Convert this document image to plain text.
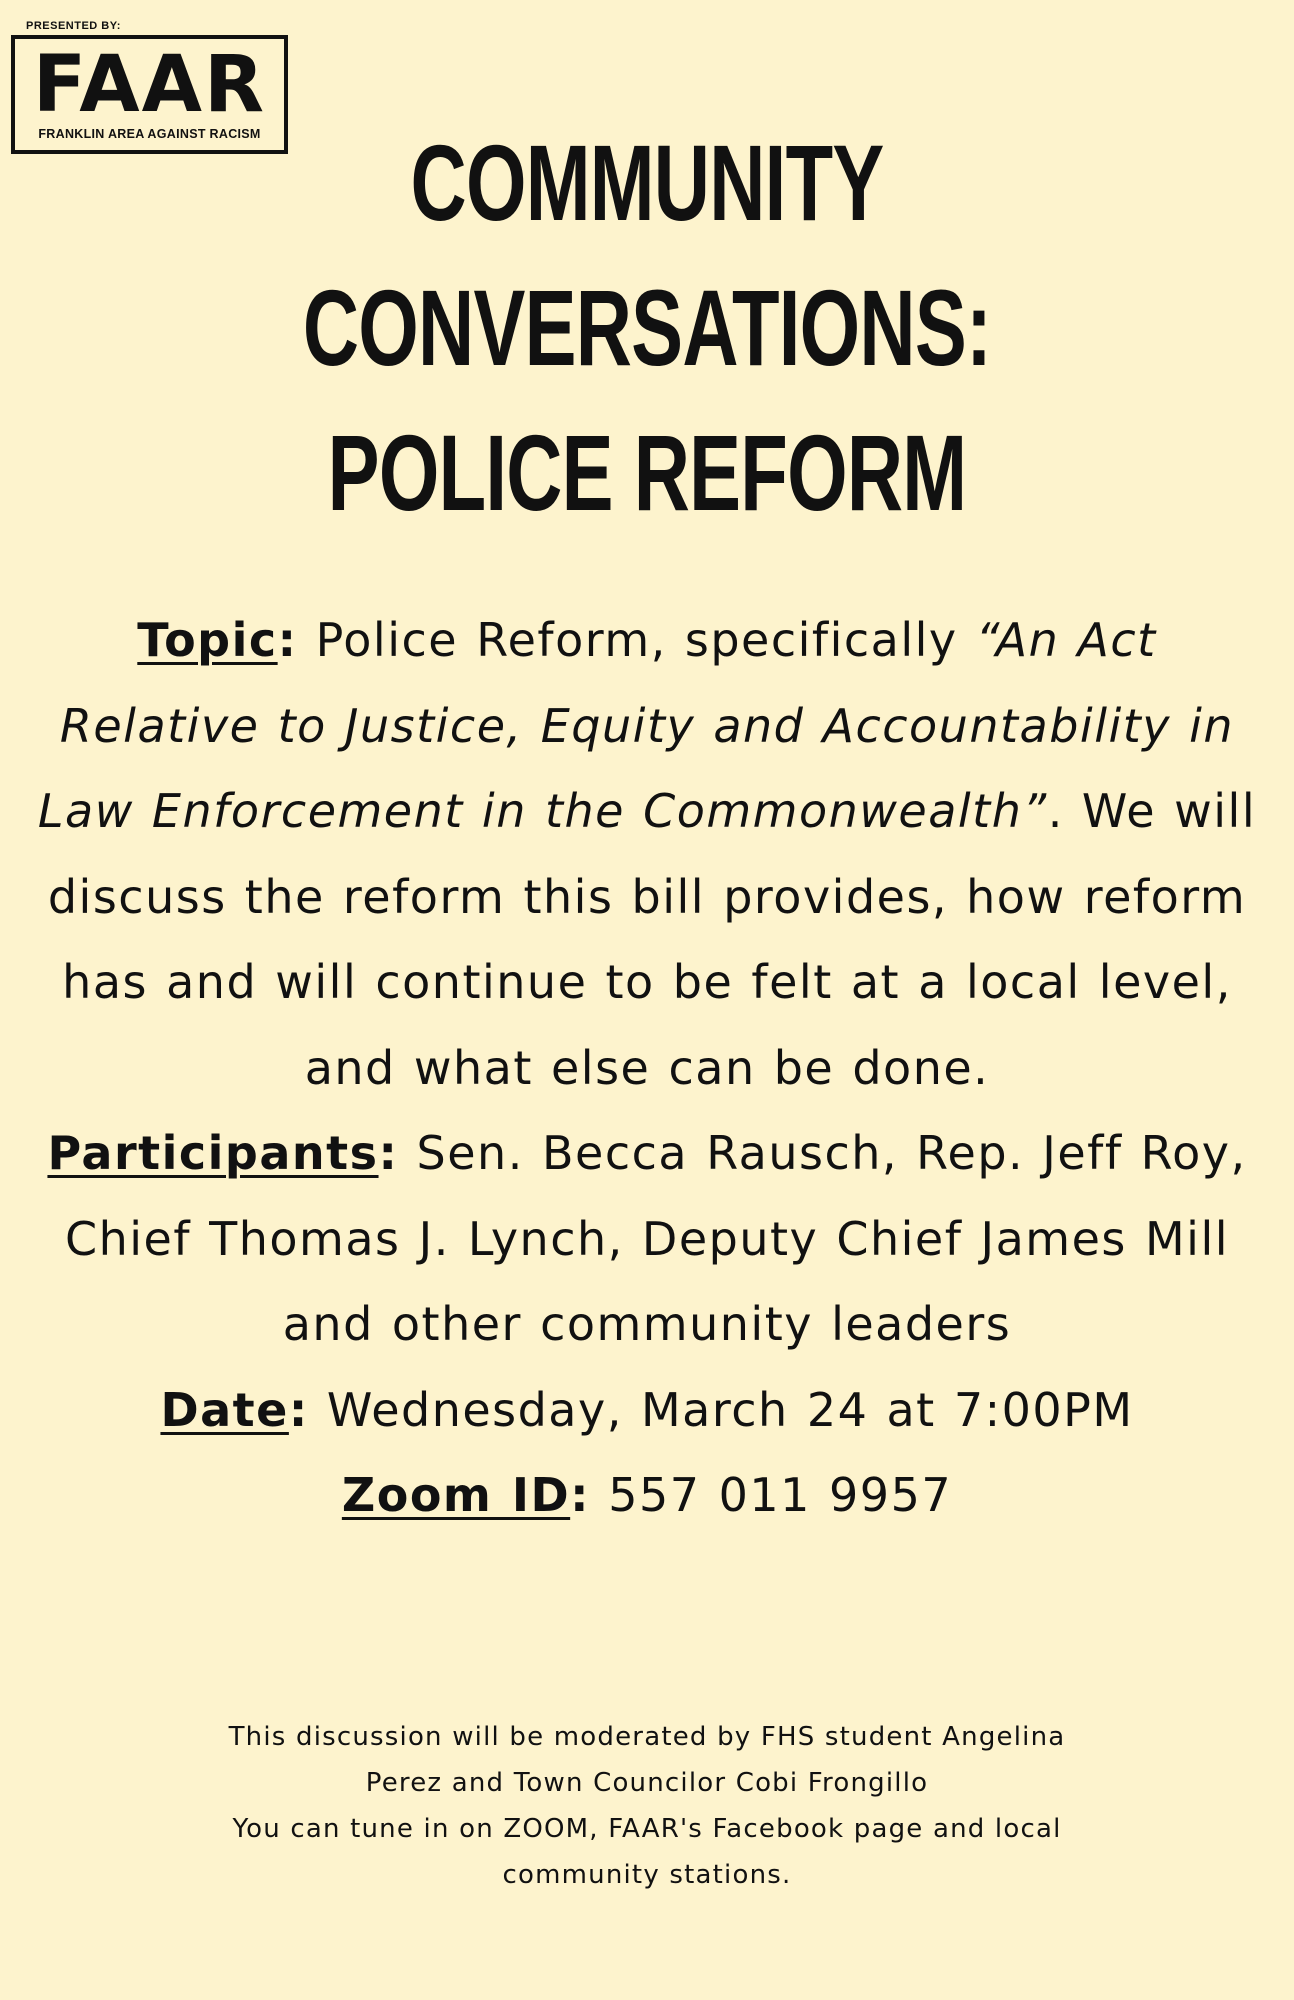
PRESENTED BY:
FAAR
FRANKLIN AREA AGAINST RACISM	COMMUNITY
CONVERSATIONS:
POLICE REFORM
Topic: Police Reform, specifically “An Act Relative to Justice, Equity and Accountability in Law Enforcement in the Commonwealth”. We will discuss the reform this bill provides, how reform has and will continue to be felt at a local level, and what else can be done.
Participants: Sen. Becca Rausch, Rep. Jeff Roy, Chief Thomas J. Lynch, Deputy Chief James Mill and other community leaders
Date: Wednesday, March 24 at 7:00PM
Zoom ID: 557 011 9957
This discussion will be moderated by FHS student Angelina
Perez and Town Councilor Cobi Frongillo
You can tune in on ZOOM, FAAR's Facebook page and local
community stations.
